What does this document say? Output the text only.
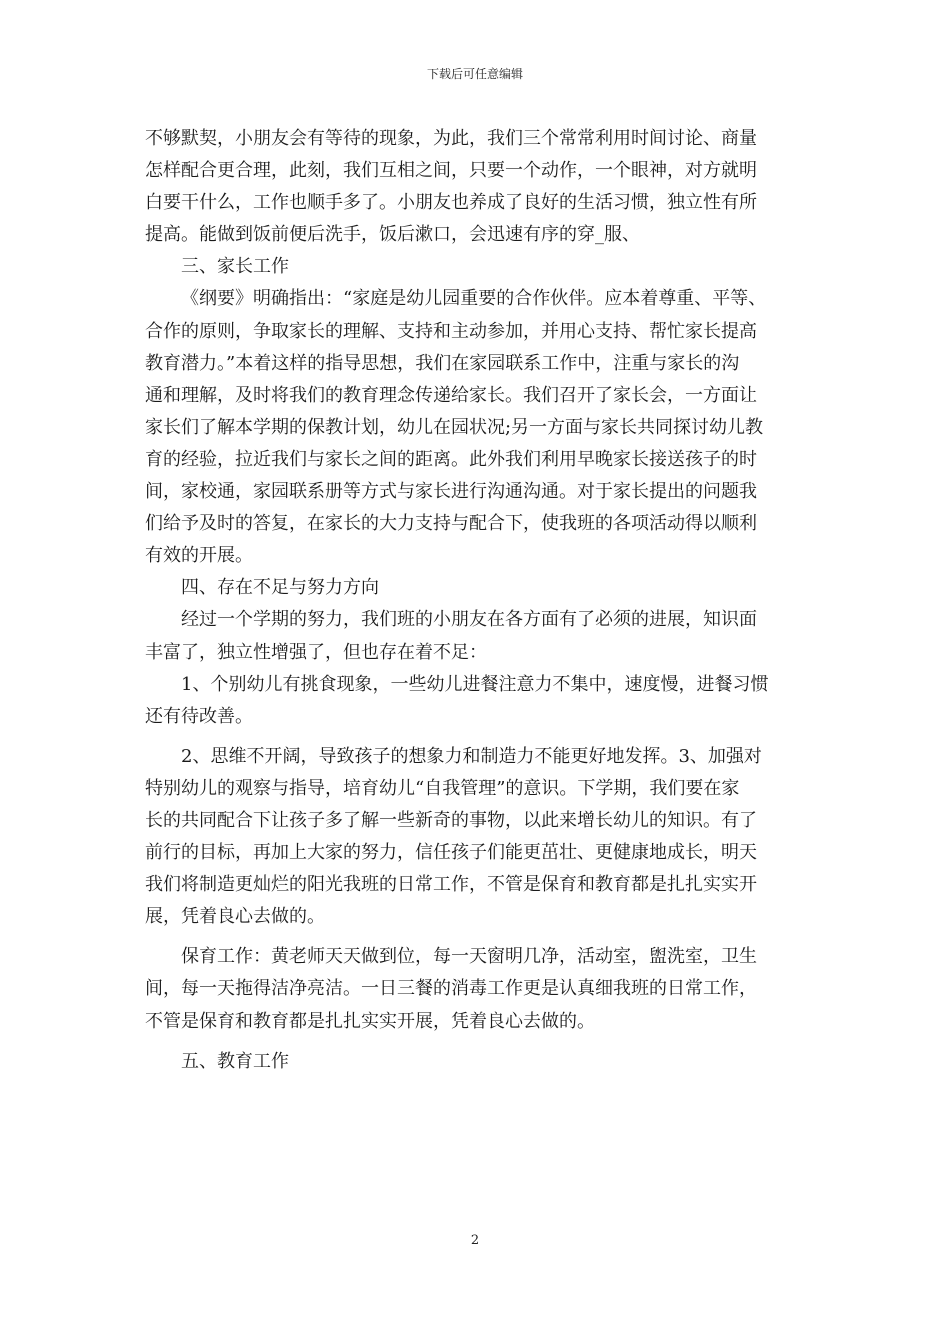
下载后可任意编辑
不够默契，小朋友会有等待的现象，为此，我们三个常常利用时间讨论、商量
怎样配合更合理，此刻，我们互相之间，只要一个动作，一个眼神，对方就明
白要干什么，工作也顺手多了。小朋友也养成了良好的生活习惯，独立性有所
提高。能做到饭前便后洗手，饭后漱口，会迅速有序的穿_服、
三、家长工作
《纲要》明确指出：“家庭是幼儿园重要的合作伙伴。应本着尊重、平等、
合作的原则，争取家长的理解、支持和主动参加，并用心支持、帮忙家长提高
教育潜力。”本着这样的指导思想，我们在家园联系工作中，注重与家长的沟
通和理解，及时将我们的教育理念传递给家长。我们召开了家长会，一方面让
家长们了解本学期的保教计划，幼儿在园状况;另一方面与家长共同探讨幼儿教
育的经验，拉近我们与家长之间的距离。此外我们利用早晚家长接送孩子的时
间，家校通，家园联系册等方式与家长进行沟通沟通。对于家长提出的问题我
们给予及时的答复，在家长的大力支持与配合下，使我班的各项活动得以顺利
有效的开展。
四、存在不足与努力方向
经过一个学期的努力，我们班的小朋友在各方面有了必须的进展，知识面
丰富了，独立性增强了，但也存在着不足：
1、个别幼儿有挑食现象，一些幼儿进餐注意力不集中，速度慢，进餐习惯
还有待改善。
2、思维不开阔，导致孩子的想象力和制造力不能更好地发挥。3、加强对
特别幼儿的观察与指导，培育幼儿“自我管理”的意识。下学期，我们要在家
长的共同配合下让孩子多了解一些新奇的事物，以此来增长幼儿的知识。有了
前行的目标，再加上大家的努力，信任孩子们能更茁壮、更健康地成长，明天
我们将制造更灿烂的阳光我班的日常工作，不管是保育和教育都是扎扎实实开
展，凭着良心去做的。
保育工作：黄老师天天做到位，每一天窗明几净，活动室，盥洗室，卫生
间，每一天拖得洁净亮洁。一日三餐的消毒工作更是认真细我班的日常工作，
不管是保育和教育都是扎扎实实开展，凭着良心去做的。
五、教育工作
2
